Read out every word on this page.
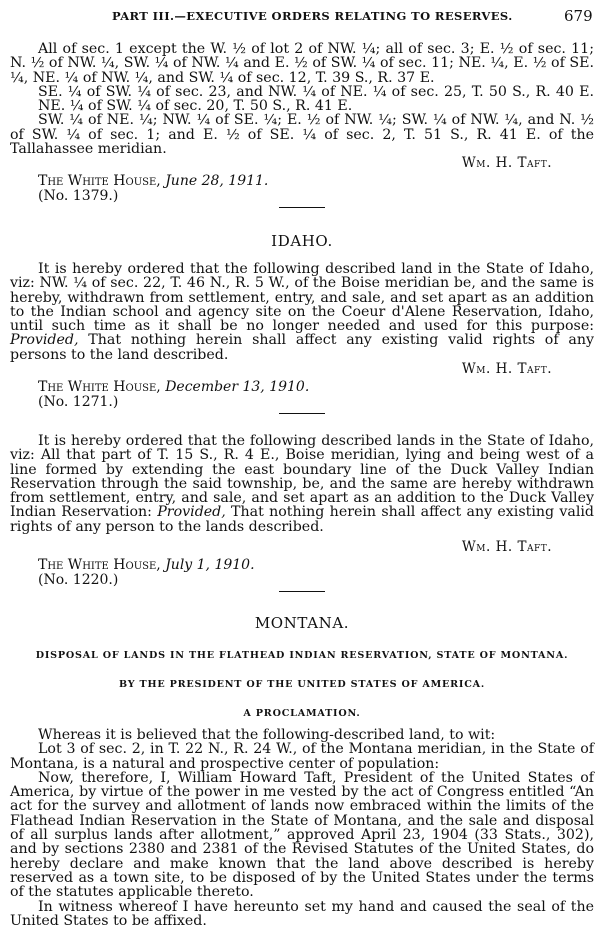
PART III.—EXECUTIVE ORDERS RELATING TO RESERVES.	679

All of sec. 1 except the W. ½ of lot 2 of NW. ¼; all of sec. 3; E. ½ of sec. 11; N. ½ of NW. ¼, SW. ¼ of NW. ¼ and E. ½ of SW. ¼ of sec. 11; NE. ¼, E. ½ of SE. ¼, NE. ¼ of NW. ¼, and SW. ¼ of sec. 12, T. 39 S., R. 37 E.

SE. ¼ of SW. ¼ of sec. 23, and NW. ¼ of NE. ¼ of sec. 25, T. 50 S., R. 40 E. NE. ¼ of SW. ¼ of sec. 20, T. 50 S., R. 41 E.

SW. ¼ of NE. ¼; NW. ¼ of SE. ¼; E. ½ of NW. ¼; SW. ¼ of NW. ¼, and N. ½ of SW. ¼ of sec. 1; and E. ½ of SE. ¼ of sec. 2, T. 51 S., R. 41 E. of the Tallahassee meridian.

Wm. H. Taft.
The White House, June 28, 1911.
(No. 1379.)
IDAHO.

It is hereby ordered that the following described land in the State of Idaho, viz: NW. ¼ of sec. 22, T. 46 N., R. 5 W., of the Boise meridian be, and the same is hereby, withdrawn from settlement, entry, and sale, and set apart as an addition to the Indian school and agency site on the Coeur d'Alene Reservation, Idaho, until such time as it shall be no longer needed and used for this purpose: Provided, That nothing herein shall affect any existing valid rights of any persons to the land described.

Wm. H. Taft.
The White House, December 13, 1910.
(No. 1271.)

It is hereby ordered that the following described lands in the State of Idaho, viz: All that part of T. 15 S., R. 4 E., Boise meridian, lying and being west of a line formed by extending the east boundary line of the Duck Valley Indian Reservation through the said township, be, and the same are hereby withdrawn from settlement, entry, and sale, and set apart as an addition to the Duck Valley Indian Reservation: Provided, That nothing herein shall affect any existing valid rights of any person to the lands described.

Wm. H. Taft.
The White House, July 1, 1910.
(No. 1220.)
MONTANA.
DISPOSAL OF LANDS IN THE FLATHEAD INDIAN RESERVATION, STATE OF MONTANA.
BY THE PRESIDENT OF THE UNITED STATES OF AMERICA.
A PROCLAMATION.

Whereas it is believed that the following-described land, to wit:

Lot 3 of sec. 2, in T. 22 N., R. 24 W., of the Montana meridian, in the State of Montana, is a natural and prospective center of population:

Now, therefore, I, William Howard Taft, President of the United States of America, by virtue of the power in me vested by the act of Congress entitled “An act for the survey and allotment of lands now embraced within the limits of the Flathead Indian Reservation in the State of Montana, and the sale and disposal of all surplus lands after allotment,” approved April 23, 1904 (33 Stats., 302), and by sections 2380 and 2381 of the Revised Statutes of the United States, do hereby declare and make known that the land above described is hereby reserved as a town site, to be disposed of by the United States under the terms of the statutes applicable thereto.

In witness whereof I have hereunto set my hand and caused the seal of the United States to be affixed.
